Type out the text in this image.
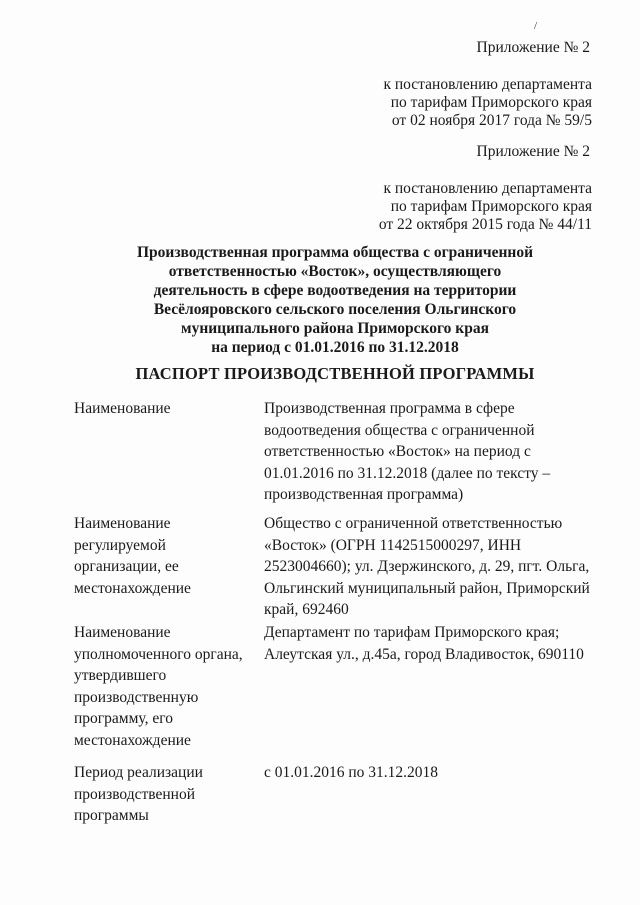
/
Приложение № 2
к постановлению департамента
по тарифам Приморского края
от 02 ноября 2017 года № 59/5
Приложение № 2
к постановлению департамента
по тарифам Приморского края
от 22 октября 2015 года № 44/11
Производственная программа общества с ограниченной
ответственностью «Восток», осуществляющего
деятельность в сфере водоотведения на территории
Весёлояровского сельского поселения Ольгинского
муниципального района Приморского края
на период с 01.01.2016 по 31.12.2018
ПАСПОРТ ПРОИЗВОДСТВЕННОЙ ПРОГРАММЫ
Наименование	Производственная программа в сфере
водоотведения общества с ограниченной
ответственностью «Восток» на период с
01.01.2016 по 31.12.2018 (далее по тексту –
производственная программа)
Наименование
регулируемой
организации, ее
местонахождение
Общество с ограниченной ответственностью
«Восток» (ОГРН 1142515000297, ИНН
2523004660); ул. Дзержинского, д. 29, пгт. Ольга,
Ольгинский муниципальный район, Приморский
край, 692460
Наименование
уполномоченного органа,
утвердившего
производственную
программу, его
местонахождение
Департамент по тарифам Приморского края;
Алеутская ул., д.45а, город Владивосток, 690110
Период реализации
производственной
программы
с 01.01.2016 по 31.12.2018
